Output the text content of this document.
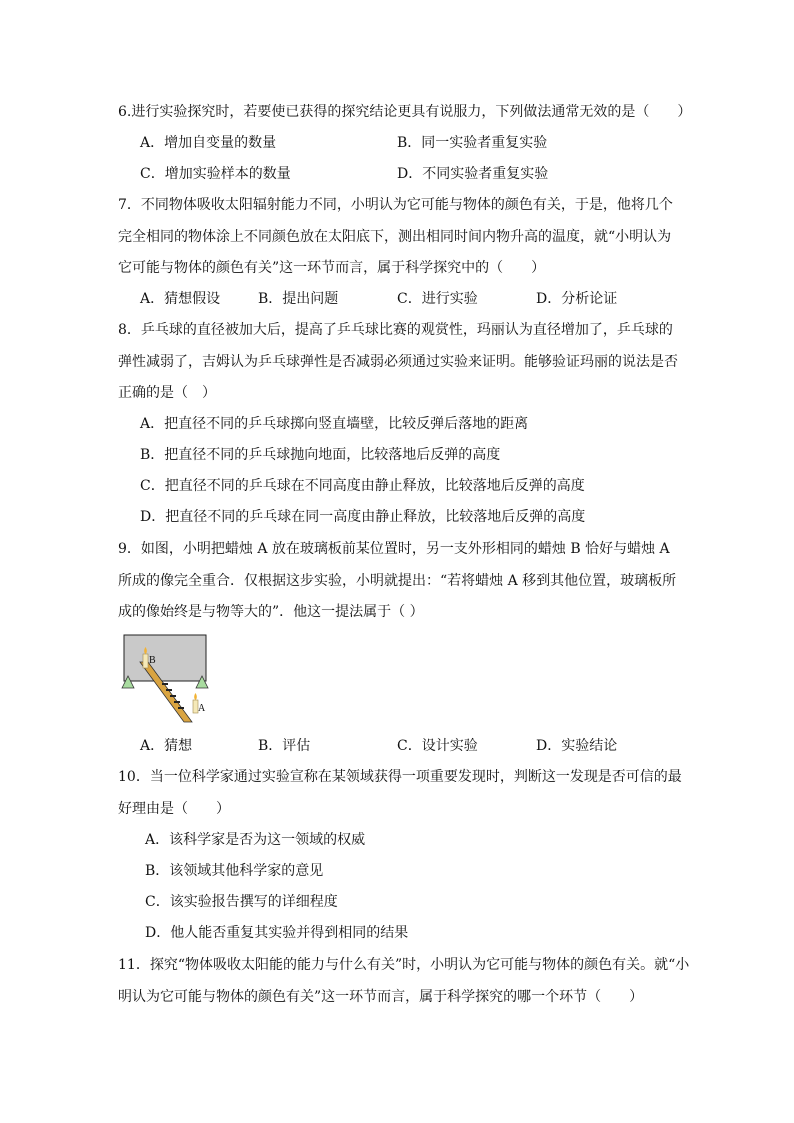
6.进行实验探究时，若要使已获得的探究结论更具有说服力，下列做法通常无效的是（　　）
A．增加自变量的数量	B．同一实验者重复实验
C．增加实验样本的数量	D．不同实验者重复实验
7．不同物体吸收太阳辐射能力不同，小明认为它可能与物体的颜色有关，于是，他将几个
完全相同的物体涂上不同颜色放在太阳底下，测出相同时间内物升高的温度，就“小明认为
它可能与物体的颜色有关”这一环节而言，属于科学探究中的（　　）
A．猜想假设	B．提出问题	C．进行实验	D．分析论证
8．乒乓球的直径被加大后，提高了乒乓球比赛的观赏性，玛丽认为直径增加了，乒乓球的
弹性减弱了，吉姆认为乒乓球弹性是否减弱必须通过实验来证明。能够验证玛丽的说法是否
正确的是（　）
A．把直径不同的乒乓球掷向竖直墙壁，比较反弹后落地的距离
B．把直径不同的乒乓球抛向地面，比较落地后反弹的高度
C．把直径不同的乒乓球在不同高度由静止释放，比较落地后反弹的高度
D．把直径不同的乒乓球在同一高度由静止释放，比较落地后反弹的高度
9．如图，小明把蜡烛 A 放在玻璃板前某位置时，另一支外形相同的蜡烛 B 恰好与蜡烛 A
所成的像完全重合．仅根据这步实验，小明就提出：“若将蜡烛 A 移到其他位置，玻璃板所
成的像始终是与物等大的”．他这一提法属于（ ）
B
A
A．猜想	B．评估	C．设计实验	D．实验结论
10．当一位科学家通过实验宣称在某领域获得一项重要发现时，判断这一发现是否可信的最
好理由是（　　）
A．该科学家是否为这一领域的权威
B．该领域其他科学家的意见
C．该实验报告撰写的详细程度
D．他人能否重复其实验并得到相同的结果
11．探究“物体吸收太阳能的能力与什么有关”时，小明认为它可能与物体的颜色有关。就“小
明认为它可能与物体的颜色有关”这一环节而言，属于科学探究的哪一个环节（　　）
